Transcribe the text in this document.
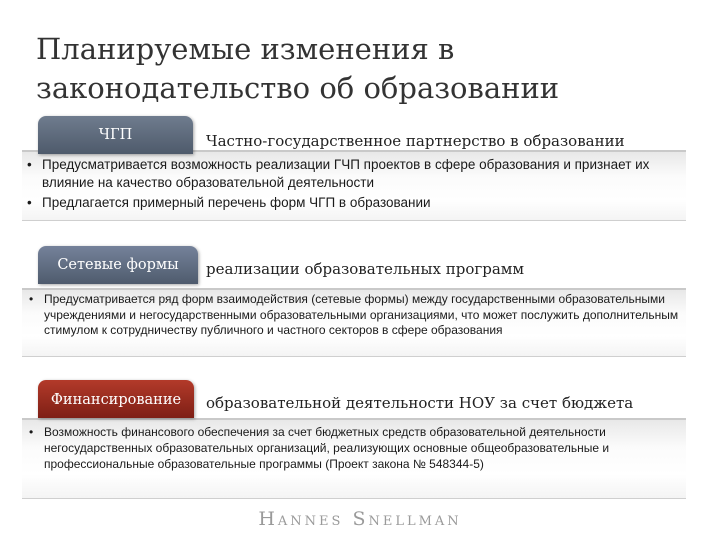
Планируемые изменения в законодательство об образовании
ЧГП	Частно-государственное партнерство в образовании
• Предусматривается возможность реализации ГЧП проектов в сфере образования и признает их влияние на качество образовательной деятельности
• Предлагается примерный перечень форм ЧГП в образовании
Сетевые формы	реализации образовательных программ
• Предусматривается ряд форм взаимодействия (сетевые формы) между государственными образовательными учреждениями и негосударственными образовательными организациями, что может послужить дополнительным стимулом к сотрудничеству публичного и частного секторов в сфере образования
Финансирование	образовательной деятельности НОУ за счет бюджета
• Возможность финансового обеспечения за счет бюджетных средств образовательной деятельности негосударственных образовательных организаций, реализующих основные общеобразовательные и профессиональные образовательные программы (Проект закона № 548344-5)
Hannes Snellman
